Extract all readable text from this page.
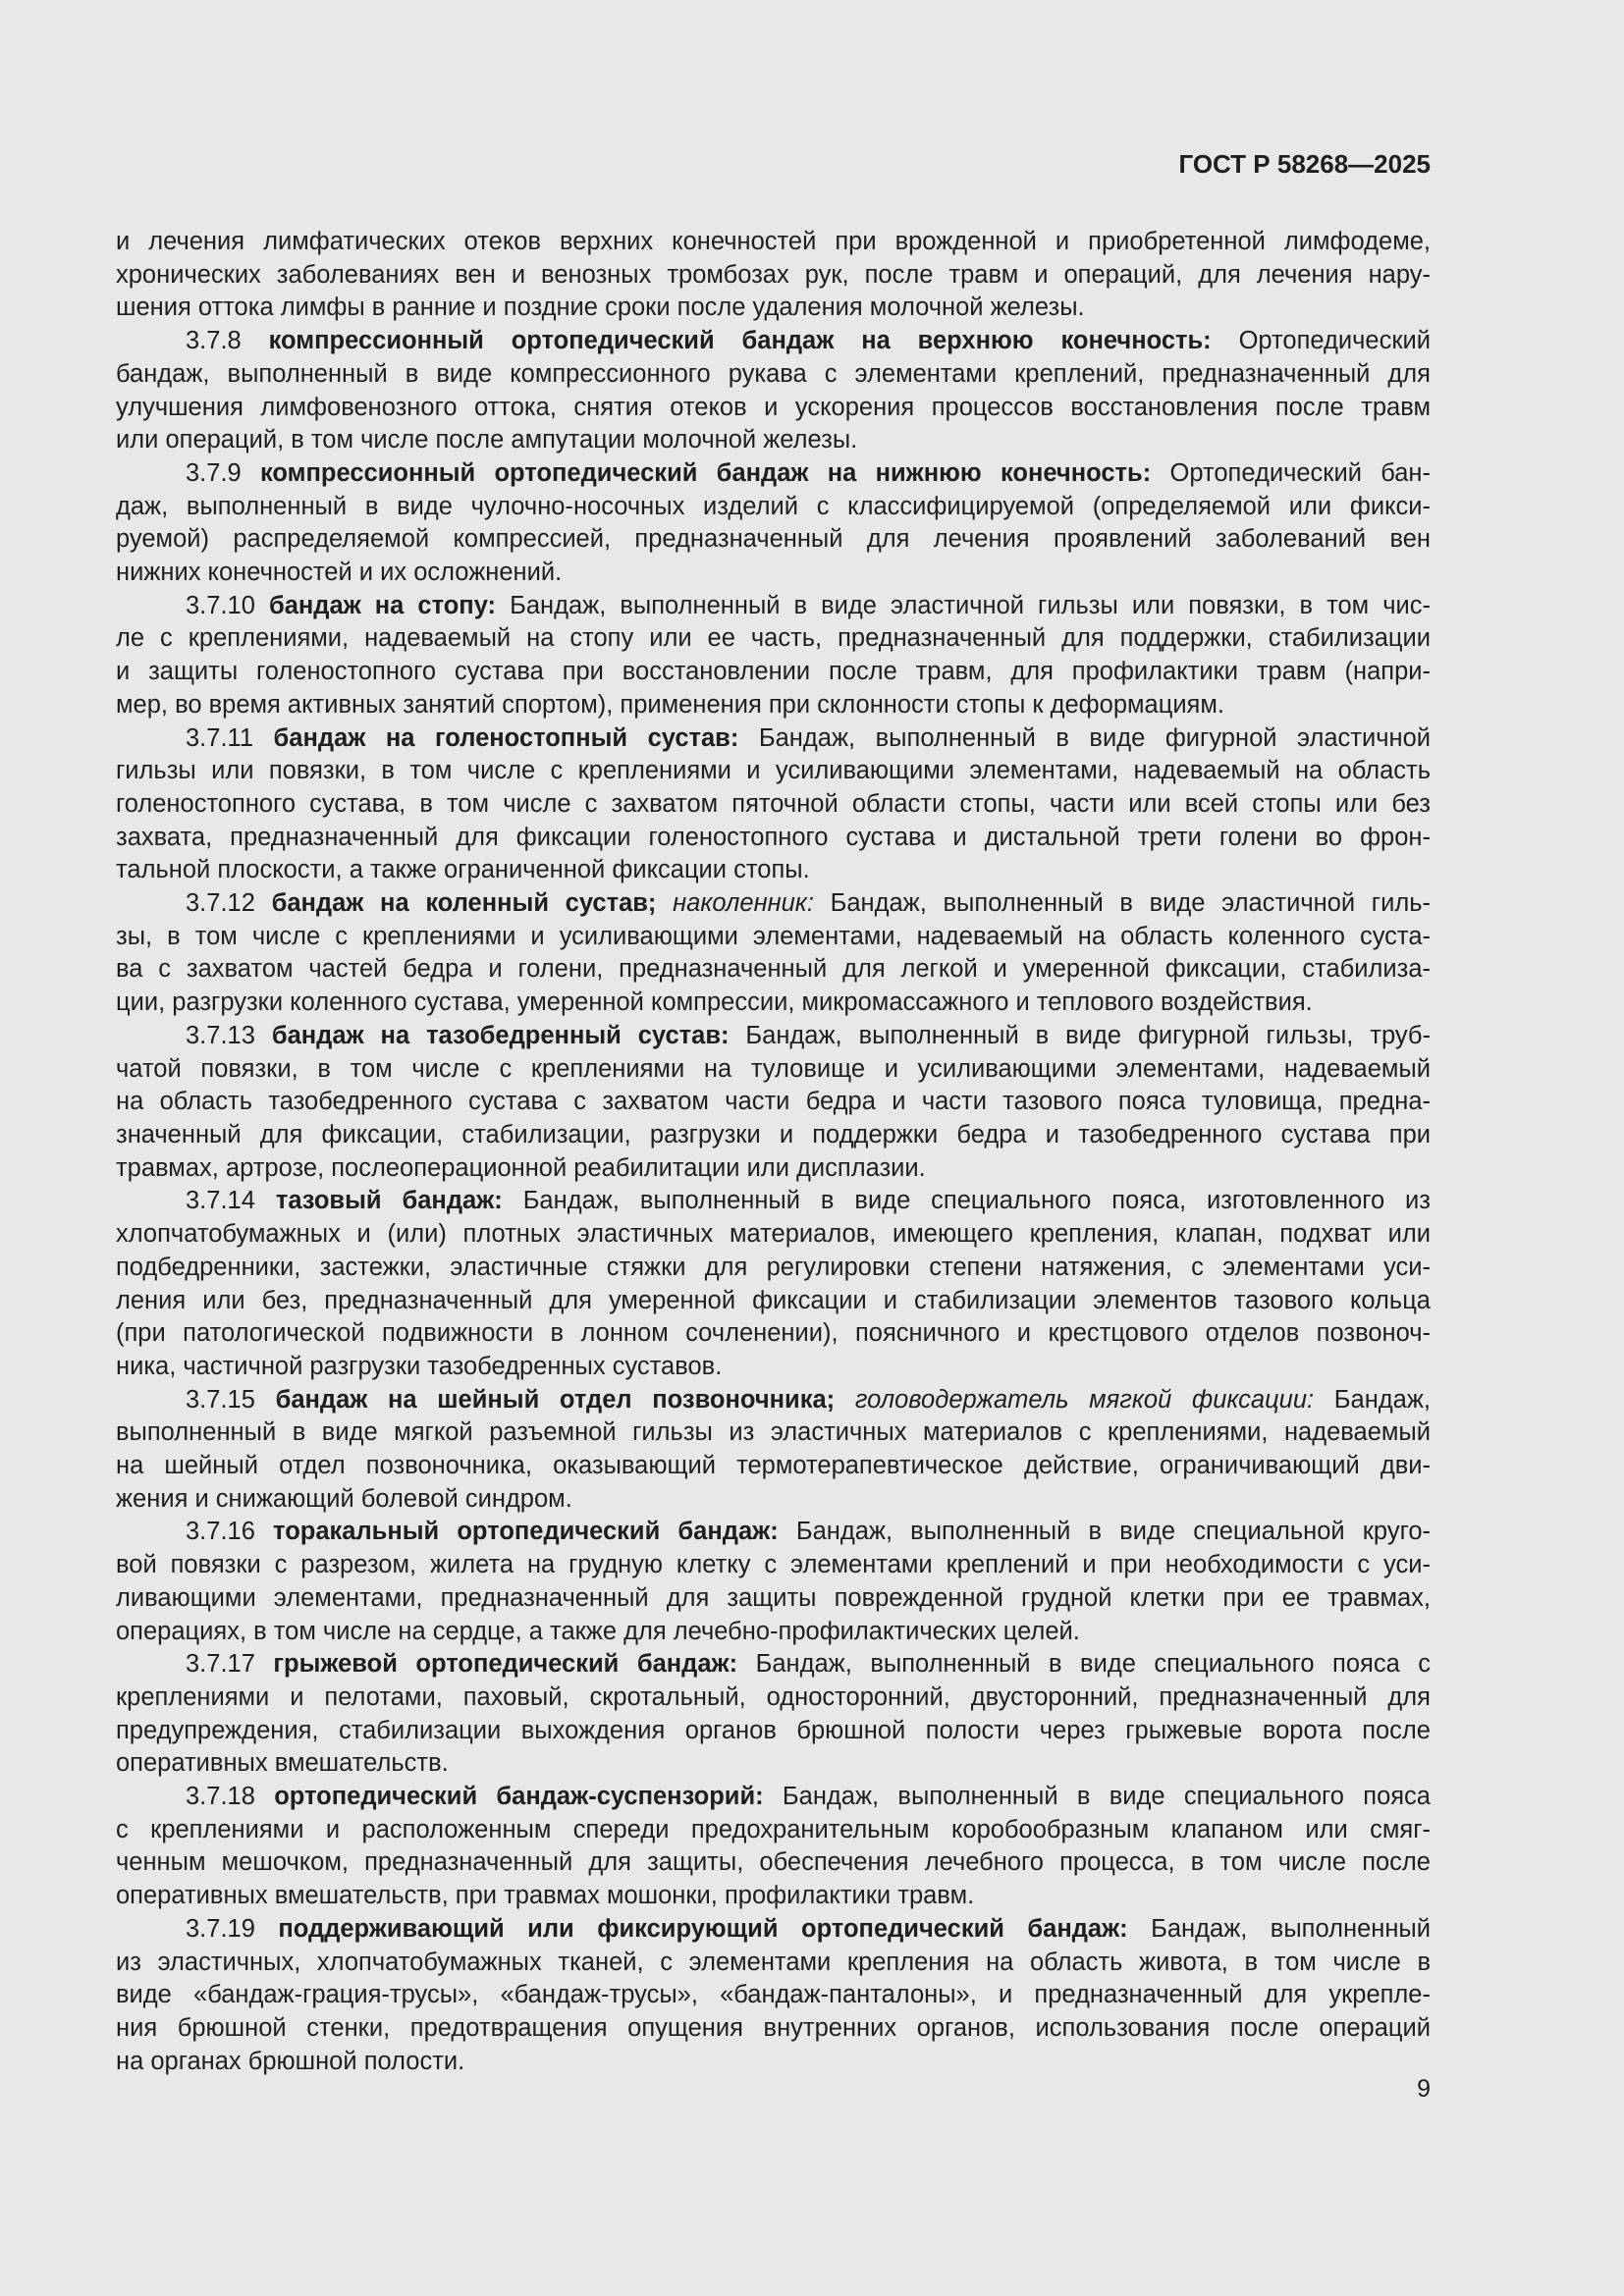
ГОСТ Р 58268—2025
и лечения лимфатических отеков верхних конечностей при врожденной и приобретенной лимфодеме,
хронических заболеваниях вен и венозных тромбозах рук, после травм и операций, для лечения нару-
шения оттока лимфы в ранние и поздние сроки после удаления молочной железы.
3.7.8 компрессионный ортопедический бандаж на верхнюю конечность: Ортопедический
бандаж, выполненный в виде компрессионного рукава с элементами креплений, предназначенный для
улучшения лимфовенозного оттока, снятия отеков и ускорения процессов восстановления после травм
или операций, в том числе после ампутации молочной железы.
3.7.9 компрессионный ортопедический бандаж на нижнюю конечность: Ортопедический бан-
даж, выполненный в виде чулочно-носочных изделий с классифицируемой (определяемой или фикси-
руемой) распределяемой компрессией, предназначенный для лечения проявлений заболеваний вен
нижних конечностей и их осложнений.
3.7.10 бандаж на стопу: Бандаж, выполненный в виде эластичной гильзы или повязки, в том чис-
ле с креплениями, надеваемый на стопу или ее часть, предназначенный для поддержки, стабилизации
и защиты голеностопного сустава при восстановлении после травм, для профилактики травм (напри-
мер, во время активных занятий спортом), применения при склонности стопы к деформациям.
3.7.11 бандаж на голеностопный сустав: Бандаж, выполненный в виде фигурной эластичной
гильзы или повязки, в том числе с креплениями и усиливающими элементами, надеваемый на область
голеностопного сустава, в том числе с захватом пяточной области стопы, части или всей стопы или без
захвата, предназначенный для фиксации голеностопного сустава и дистальной трети голени во фрон-
тальной плоскости, а также ограниченной фиксации стопы.
3.7.12 бандаж на коленный сустав; наколенник: Бандаж, выполненный в виде эластичной гиль-
зы, в том числе с креплениями и усиливающими элементами, надеваемый на область коленного суста-
ва с захватом частей бедра и голени, предназначенный для легкой и умеренной фиксации, стабилиза-
ции, разгрузки коленного сустава, умеренной компрессии, микромассажного и теплового воздействия.
3.7.13 бандаж на тазобедренный сустав: Бандаж, выполненный в виде фигурной гильзы, труб-
чатой повязки, в том числе с креплениями на туловище и усиливающими элементами, надеваемый
на область тазобедренного сустава с захватом части бедра и части тазового пояса туловища, предна-
значенный для фиксации, стабилизации, разгрузки и поддержки бедра и тазобедренного сустава при
травмах, артрозе, послеоперационной реабилитации или дисплазии.
3.7.14 тазовый бандаж: Бандаж, выполненный в виде специального пояса, изготовленного из
хлопчатобумажных и (или) плотных эластичных материалов, имеющего крепления, клапан, подхват или
подбедренники, застежки, эластичные стяжки для регулировки степени натяжения, с элементами уси-
ления или без, предназначенный для умеренной фиксации и стабилизации элементов тазового кольца
(при патологической подвижности в лонном сочленении), поясничного и крестцового отделов позвоноч-
ника, частичной разгрузки тазобедренных суставов.
3.7.15 бандаж на шейный отдел позвоночника; головодержатель мягкой фиксации: Бандаж,
выполненный в виде мягкой разъемной гильзы из эластичных материалов с креплениями, надеваемый
на шейный отдел позвоночника, оказывающий термотерапевтическое действие, ограничивающий дви-
жения и снижающий болевой синдром.
3.7.16 торакальный ортопедический бандаж: Бандаж, выполненный в виде специальной круго-
вой повязки с разрезом, жилета на грудную клетку с элементами креплений и при необходимости с уси-
ливающими элементами, предназначенный для защиты поврежденной грудной клетки при ее травмах,
операциях, в том числе на сердце, а также для лечебно-профилактических целей.
3.7.17 грыжевой ортопедический бандаж: Бандаж, выполненный в виде специального пояса с
креплениями и пелотами, паховый, скротальный, односторонний, двусторонний, предназначенный для
предупреждения, стабилизации выхождения органов брюшной полости через грыжевые ворота после
оперативных вмешательств.
3.7.18 ортопедический бандаж-суспензорий: Бандаж, выполненный в виде специального пояса
с креплениями и расположенным спереди предохранительным коробообразным клапаном или смяг-
ченным мешочком, предназначенный для защиты, обеспечения лечебного процесса, в том числе после
оперативных вмешательств, при травмах мошонки, профилактики травм.
3.7.19 поддерживающий или фиксирующий ортопедический бандаж: Бандаж, выполненный
из эластичных, хлопчатобумажных тканей, с элементами крепления на область живота, в том числе в
виде «бандаж-грация-трусы», «бандаж-трусы», «бандаж-панталоны», и предназначенный для укрепле-
ния брюшной стенки, предотвращения опущения внутренних органов, использования после операций
на органах брюшной полости.
9
